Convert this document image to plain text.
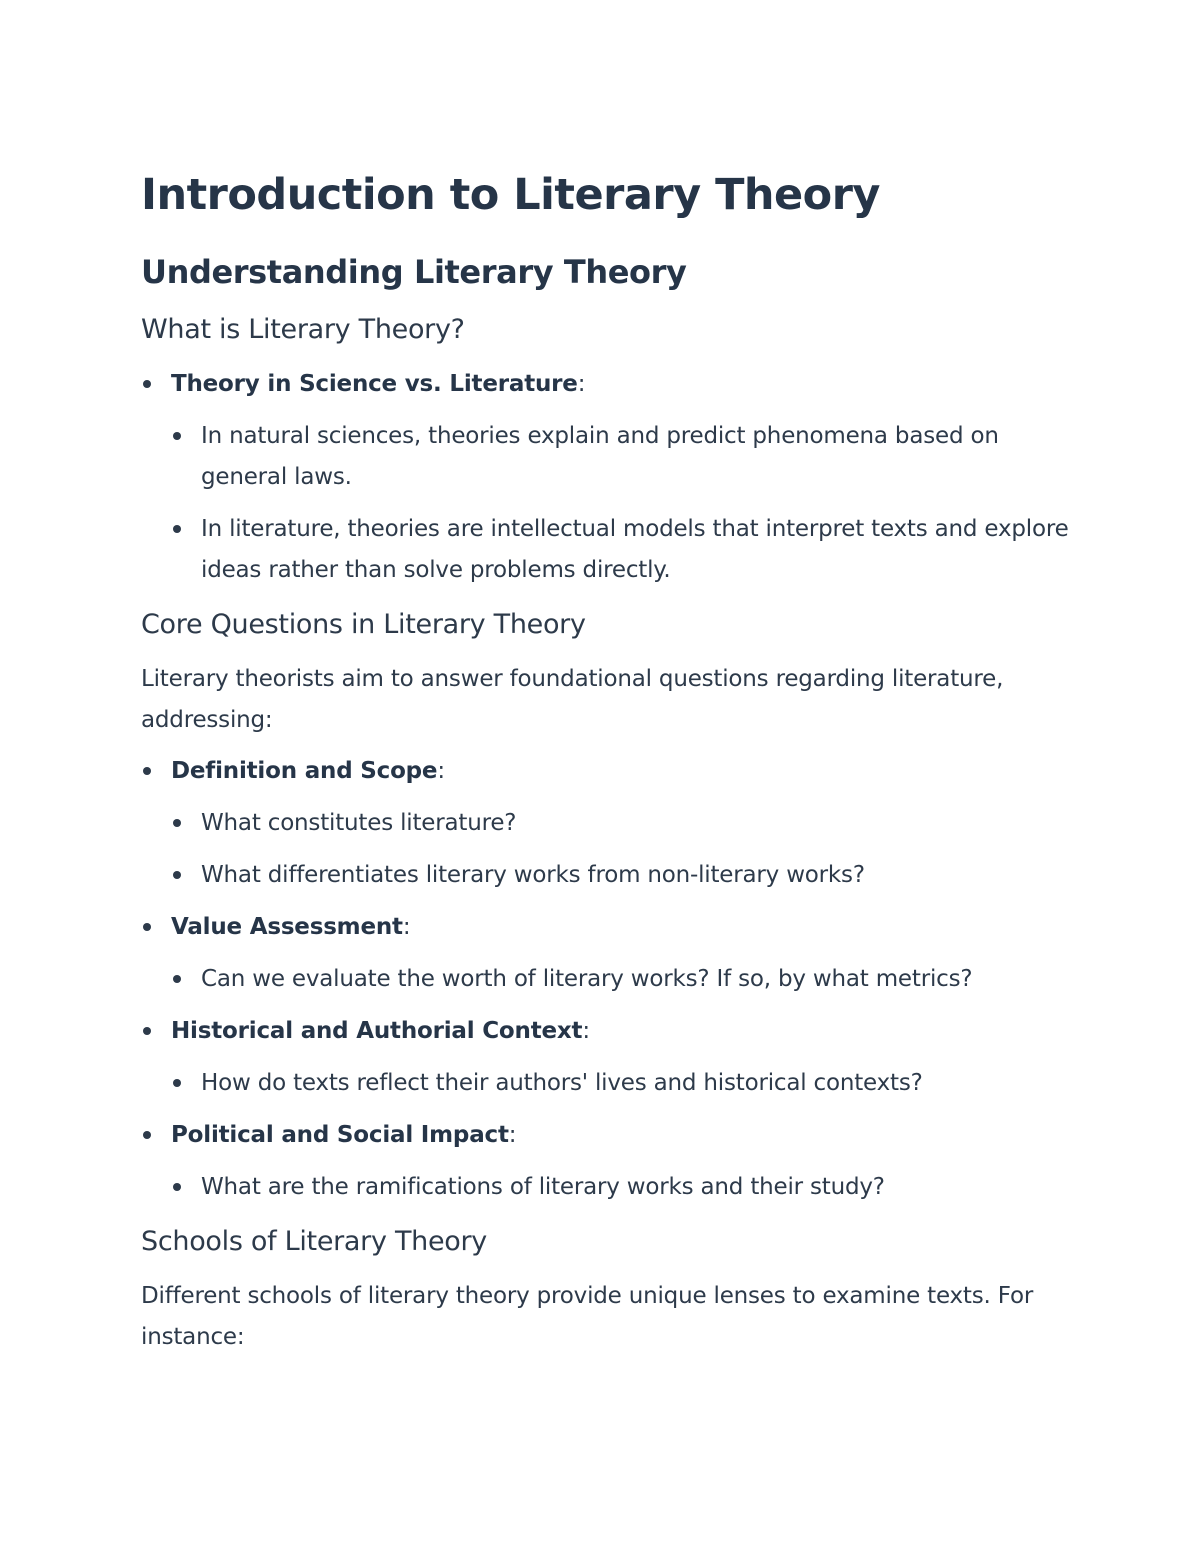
Introduction to Literary Theory
Understanding Literary Theory
What is Literary Theory?
Theory in Science vs. Literature:
In natural sciences, theories explain and predict phenomena based on general laws.
In literature, theories are intellectual models that interpret texts and explore ideas rather than solve problems directly.
Core Questions in Literary Theory

Literary theorists aim to answer foundational questions regarding literature, addressing:

Definition and Scope:
What constitutes literature?
What differentiates literary works from non-literary works?
Value Assessment:
Can we evaluate the worth of literary works? If so, by what metrics?
Historical and Authorial Context:
How do texts reflect their authors' lives and historical contexts?
Political and Social Impact:
What are the ramifications of literary works and their study?
Schools of Literary Theory

Different schools of literary theory provide unique lenses to examine texts. For instance:
